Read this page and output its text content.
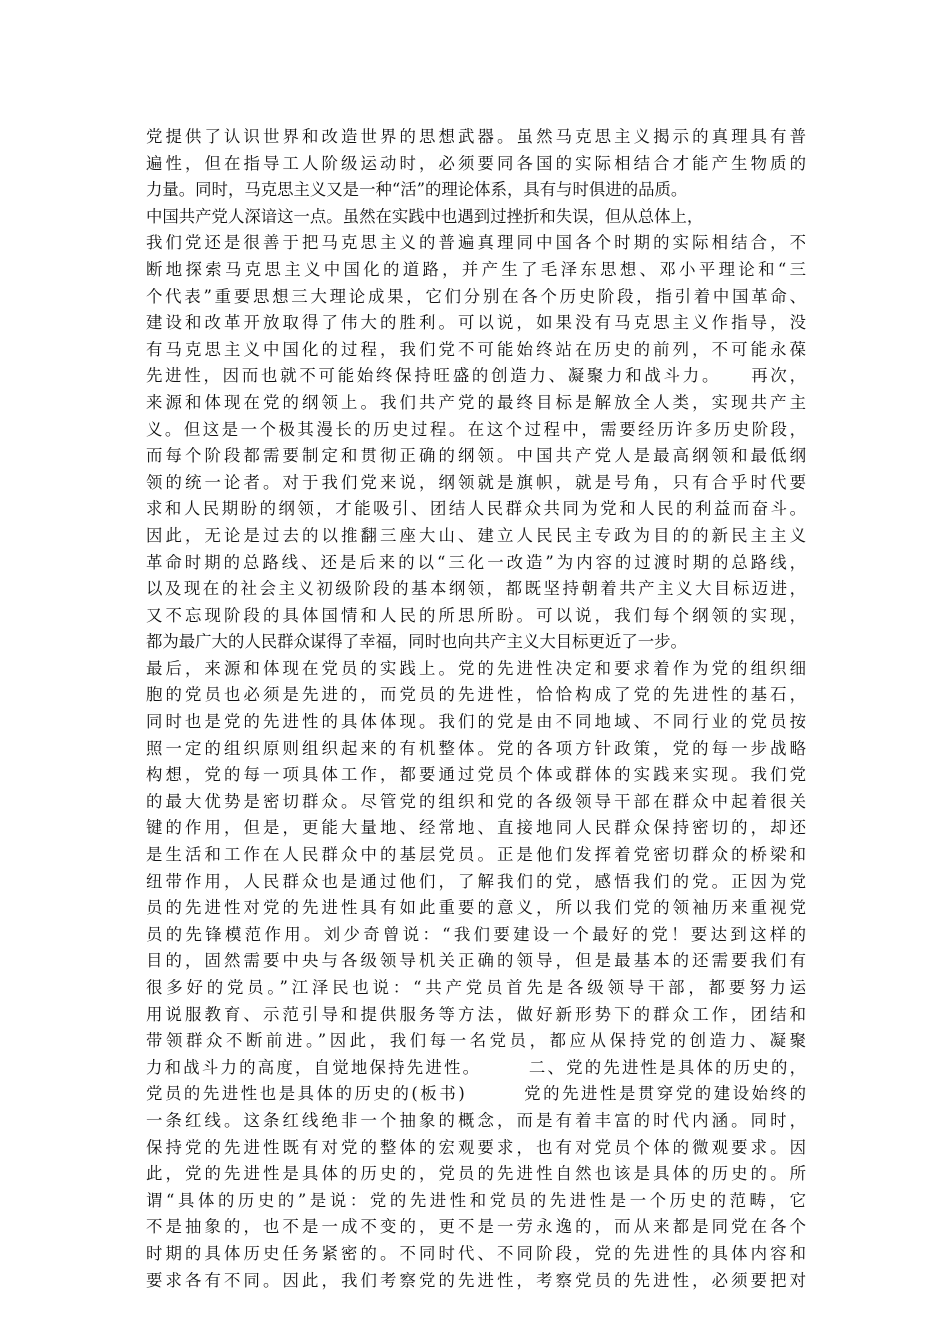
党提供了认识世界和改造世界的思想武器。虽然马克思主义揭示的真理具有普
遍性，但在指导工人阶级运动时，必须要同各国的实际相结合才能产生物质的
力量。同时，马克思主义又是一种“活”的理论体系，具有与时俱进的品质。
中国共产党人深谙这一点。虽然在实践中也遇到过挫折和失误，但从总体上，
我们党还是很善于把马克思主义的普遍真理同中国各个时期的实际相结合，不
断地探索马克思主义中国化的道路，并产生了毛泽东思想、邓小平理论和“三
个代表”重要思想三大理论成果，它们分别在各个历史阶段，指引着中国革命、
建设和改革开放取得了伟大的胜利。可以说，如果没有马克思主义作指导，没
有马克思主义中国化的过程，我们党不可能始终站在历史的前列，不可能永葆
先进性，因而也就不可能始终保持旺盛的创造力、凝聚力和战斗力。　　再次，
来源和体现在党的纲领上。我们共产党的最终目标是解放全人类，实现共产主
义。但这是一个极其漫长的历史过程。在这个过程中，需要经历许多历史阶段，
而每个阶段都需要制定和贯彻正确的纲领。中国共产党人是最高纲领和最低纲
领的统一论者。对于我们党来说，纲领就是旗帜，就是号角，只有合乎时代要
求和人民期盼的纲领，才能吸引、团结人民群众共同为党和人民的利益而奋斗。
因此，无论是过去的以推翻三座大山、建立人民民主专政为目的的新民主主义
革命时期的总路线、还是后来的以“三化一改造”为内容的过渡时期的总路线，
以及现在的社会主义初级阶段的基本纲领，都既坚持朝着共产主义大目标迈进，
又不忘现阶段的具体国情和人民的所思所盼。可以说，我们每个纲领的实现，
都为最广大的人民群众谋得了幸福，同时也向共产主义大目标更近了一步。
最后，来源和体现在党员的实践上。党的先进性决定和要求着作为党的组织细
胞的党员也必须是先进的，而党员的先进性，恰恰构成了党的先进性的基石，
同时也是党的先进性的具体体现。我们的党是由不同地域、不同行业的党员按
照一定的组织原则组织起来的有机整体。党的各项方针政策，党的每一步战略
构想，党的每一项具体工作，都要通过党员个体或群体的实践来实现。我们党
的最大优势是密切群众。尽管党的组织和党的各级领导干部在群众中起着很关
键的作用，但是，更能大量地、经常地、直接地同人民群众保持密切的，却还
是生活和工作在人民群众中的基层党员。正是他们发挥着党密切群众的桥梁和
纽带作用，人民群众也是通过他们，了解我们的党，感悟我们的党。正因为党
员的先进性对党的先进性具有如此重要的意义，所以我们党的领袖历来重视党
员的先锋模范作用。刘少奇曾说：“我们要建设一个最好的党！要达到这样的
目的，固然需要中央与各级领导机关正确的领导，但是最基本的还需要我们有
很多好的党员。”江泽民也说：“共产党员首先是各级领导干部，都要努力运
用说服教育、示范引导和提供服务等方法，做好新形势下的群众工作，团结和
带领群众不断前进。”因此，我们每一名党员，都应从保持党的创造力、凝聚
力和战斗力的高度，自觉地保持先进性。　　　二、党的先进性是具体的历史的，
党员的先进性也是具体的历史的(板书)　　　党的先进性是贯穿党的建设始终的
一条红线。这条红线绝非一个抽象的概念，而是有着丰富的时代内涵。同时，
保持党的先进性既有对党的整体的宏观要求，也有对党员个体的微观要求。因
此，党的先进性是具体的历史的，党员的先进性自然也该是具体的历史的。所
谓“具体的历史的”是说：党的先进性和党员的先进性是一个历史的范畴，它
不是抽象的，也不是一成不变的，更不是一劳永逸的，而从来都是同党在各个
时期的具体历史任务紧密的。不同时代、不同阶段，党的先进性的具体内容和
要求各有不同。因此，我们考察党的先进性，考察党员的先进性，必须要把对
